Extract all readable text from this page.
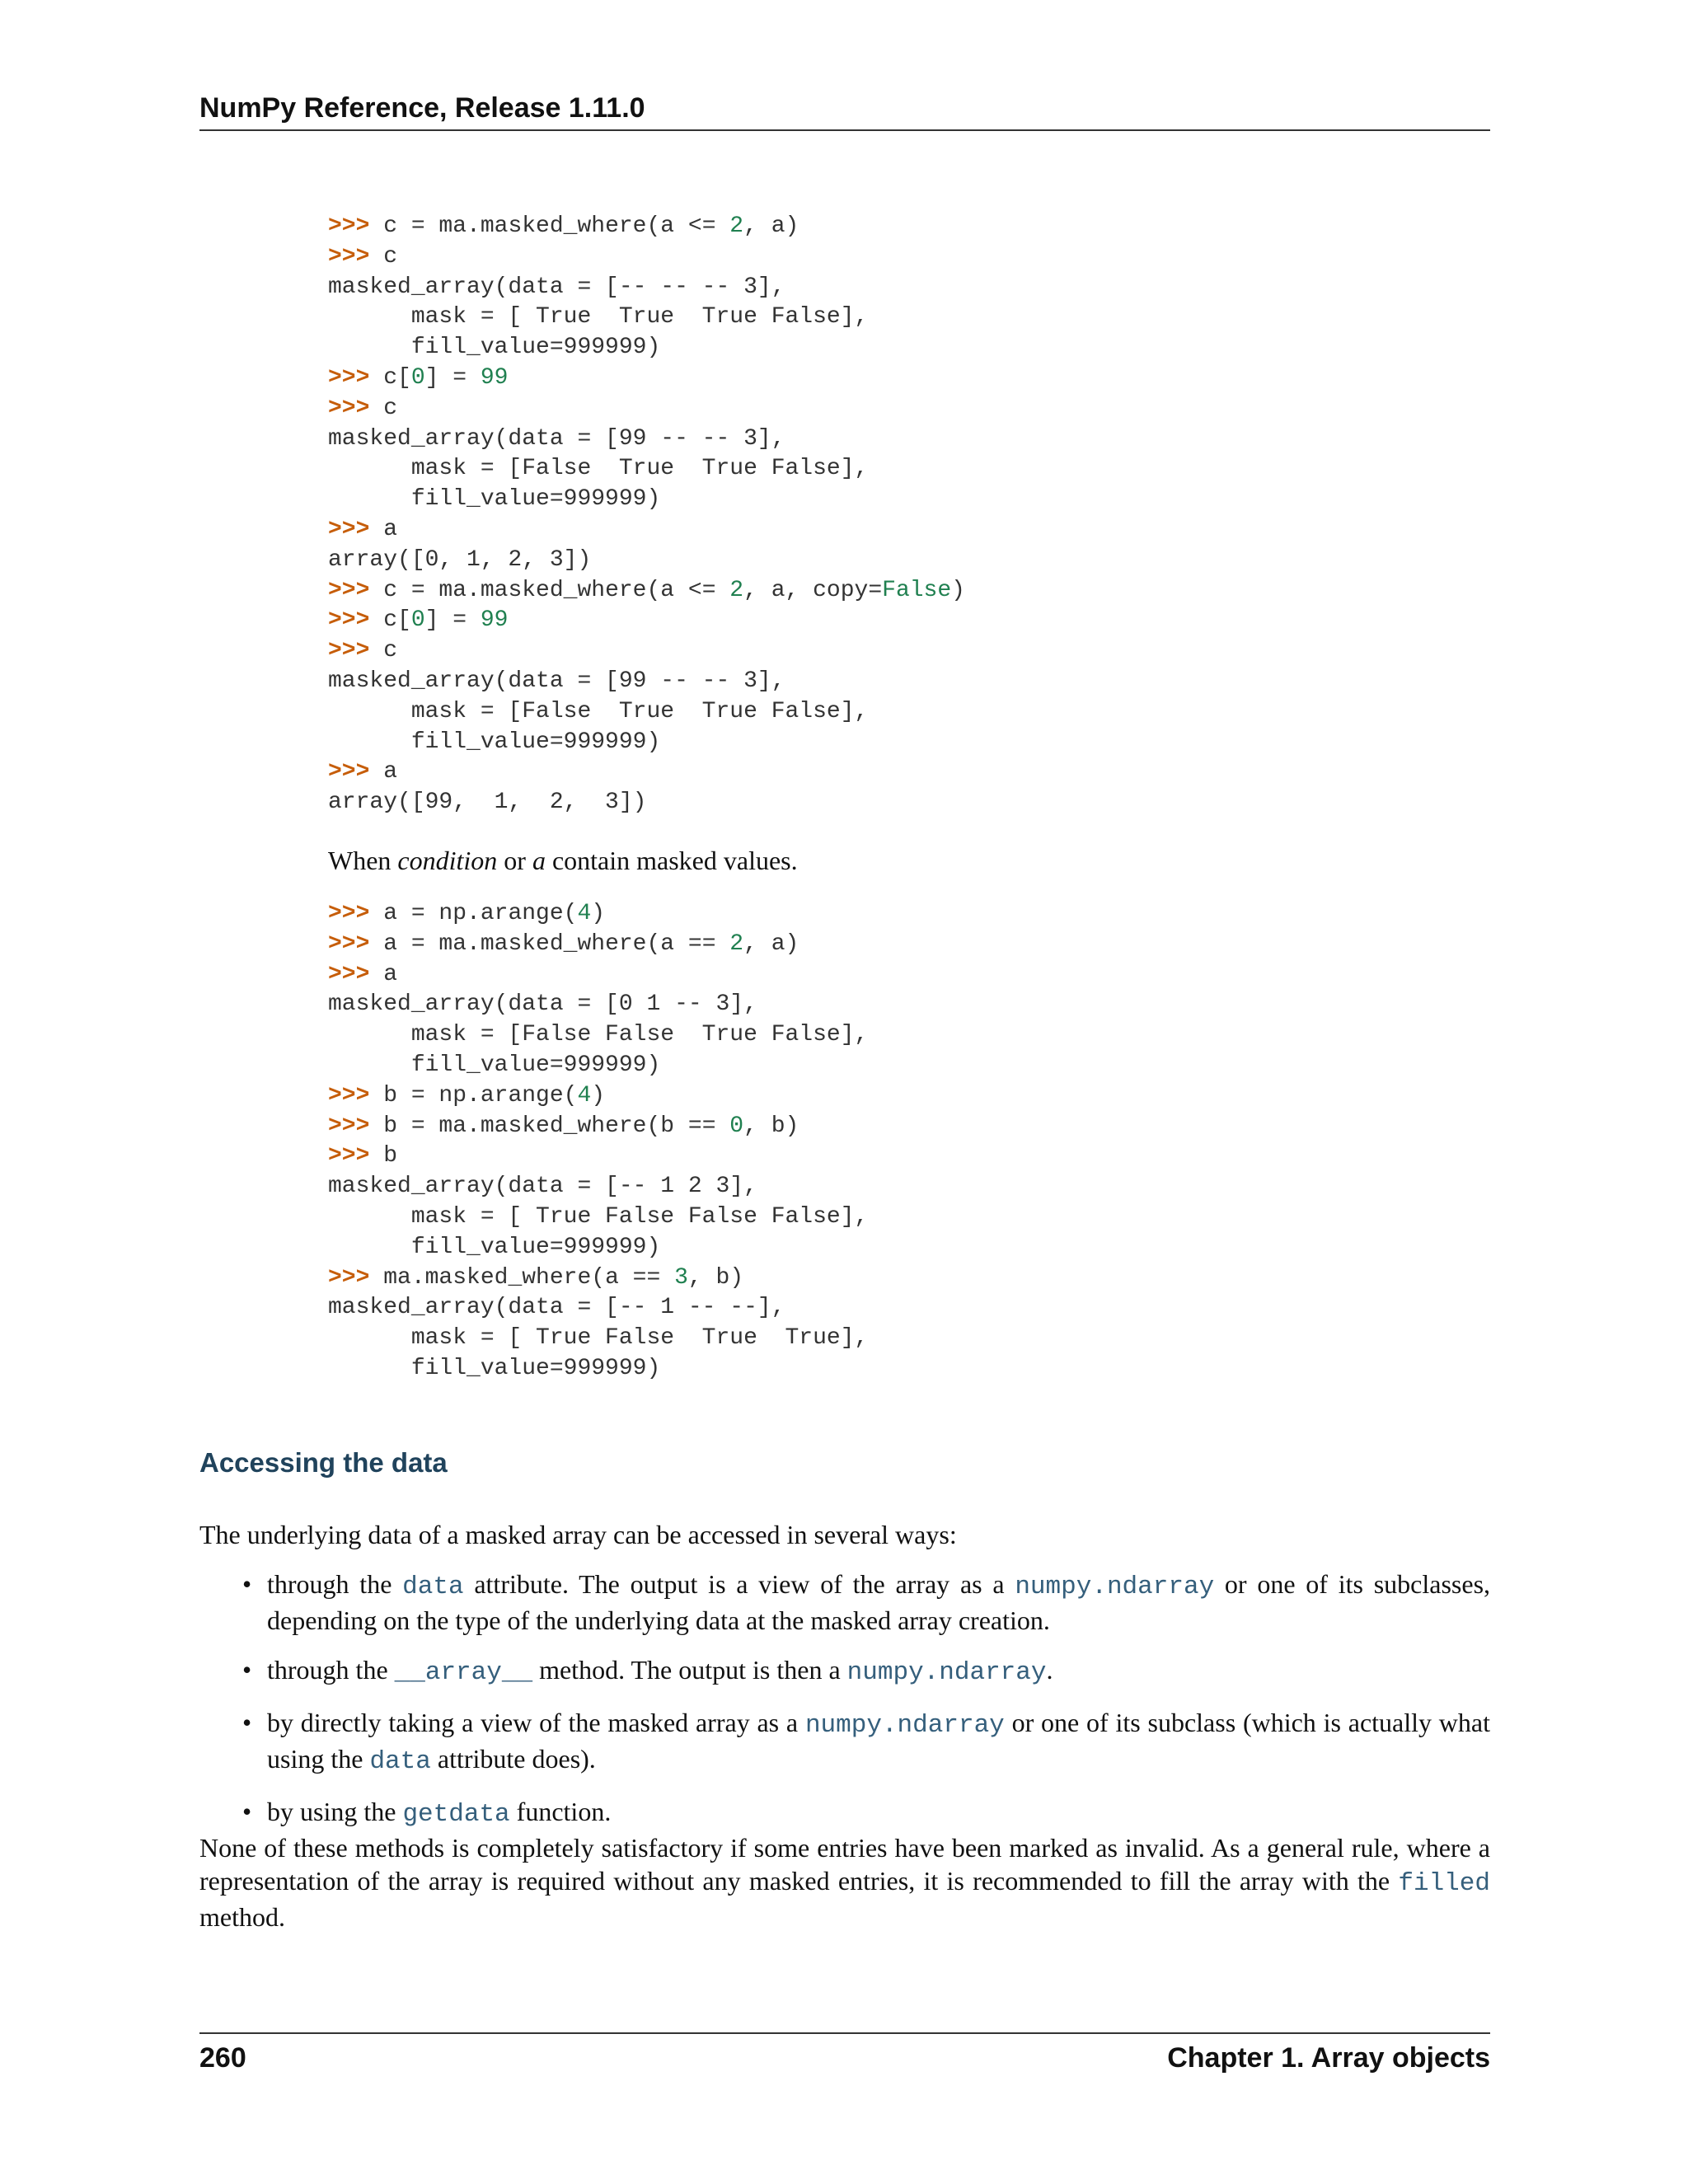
NumPy Reference, Release 1.11.0
>>> c = ma.masked_where(a <= 2, a)
>>> c
masked_array(data = [-- -- -- 3],
mask = [ True  True  True False],
fill_value=999999)
>>> c[0] = 99
>>> c
masked_array(data = [99 -- -- 3],
mask = [False  True  True False],
fill_value=999999)
>>> a
array([0, 1, 2, 3])
>>> c = ma.masked_where(a <= 2, a, copy=False)
>>> c[0] = 99
>>> c
masked_array(data = [99 -- -- 3],
mask = [False  True  True False],
fill_value=999999)
>>> a
array([99,  1,  2,  3])
When condition or a contain masked values.
>>> a = np.arange(4)
>>> a = ma.masked_where(a == 2, a)
>>> a
masked_array(data = [0 1 -- 3],
mask = [False False  True False],
fill_value=999999)
>>> b = np.arange(4)
>>> b = ma.masked_where(b == 0, b)
>>> b
masked_array(data = [-- 1 2 3],
mask = [ True False False False],
fill_value=999999)
>>> ma.masked_where(a == 3, b)
masked_array(data = [-- 1 -- --],
mask = [ True False  True  True],
fill_value=999999)
Accessing the data
The underlying data of a masked array can be accessed in several ways:
• through the data attribute. The output is a view of the array as a numpy.ndarray or one of its subclasses, depending on the type of the underlying data at the masked array creation.
• through the __array__ method. The output is then a numpy.ndarray.
• by directly taking a view of the masked array as a numpy.ndarray or one of its subclass (which is actually what using the data attribute does).
• by using the getdata function.
None of these methods is completely satisfactory if some entries have been marked as invalid. As a general rule, where a representation of the array is required without any masked entries, it is recommended to fill the array with the filled method.
260	Chapter 1. Array objects
